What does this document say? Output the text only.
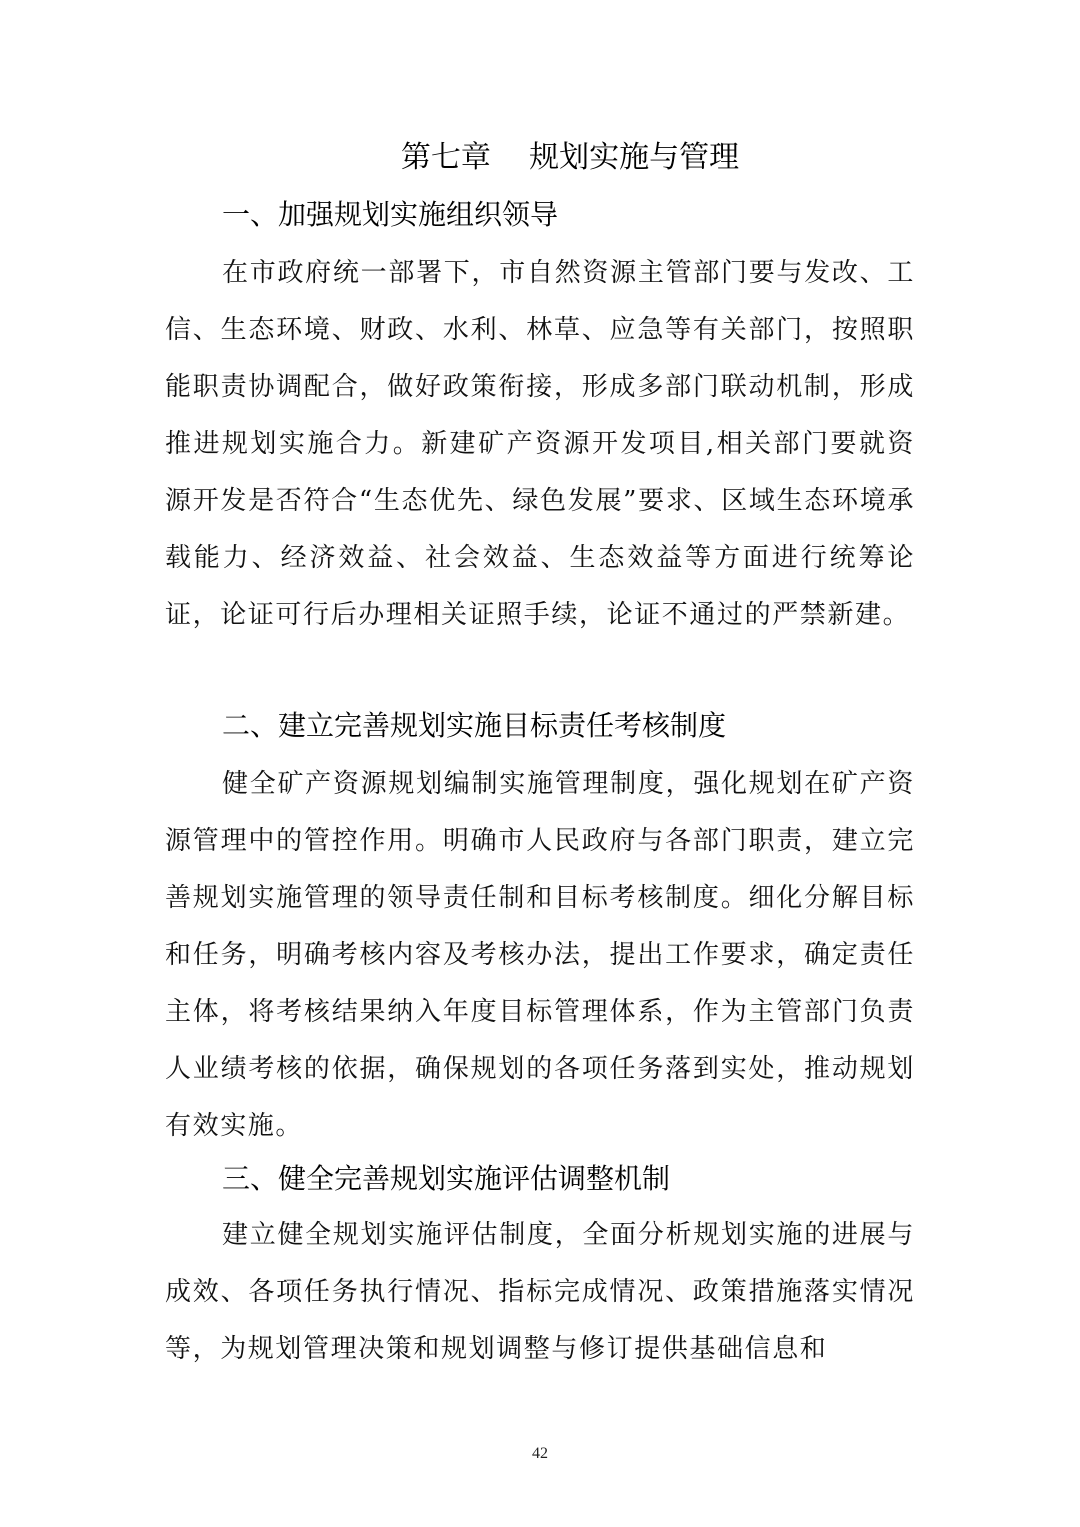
第七章    规划实施与管理
一、加强规划实施组织领导
在市政府统一部署下，市自然资源主管部门要与发改、工信、生态环境、财政、水利、林草、应急等有关部门，按照职能职责协调配合，做好政策衔接，形成多部门联动机制，形成推进规划实施合力。新建矿产资源开发项目,相关部门要就资源开发是否符合“生态优先、绿色发展”要求、区域生态环境承载能力、经济效益、社会效益、生态效益等方面进行统筹论证，论证可行后办理相关证照手续，论证不通过的严禁新建。
二、建立完善规划实施目标责任考核制度
健全矿产资源规划编制实施管理制度，强化规划在矿产资源管理中的管控作用。明确市人民政府与各部门职责，建立完善规划实施管理的领导责任制和目标考核制度。细化分解目标和任务，明确考核内容及考核办法，提出工作要求，确定责任主体，将考核结果纳入年度目标管理体系，作为主管部门负责人业绩考核的依据，确保规划的各项任务落到实处，推动规划有效实施。
三、健全完善规划实施评估调整机制
建立健全规划实施评估制度，全面分析规划实施的进展与成效、各项任务执行情况、指标完成情况、政策措施落实情况等，为规划管理决策和规划调整与修订提供基础信息和
42
